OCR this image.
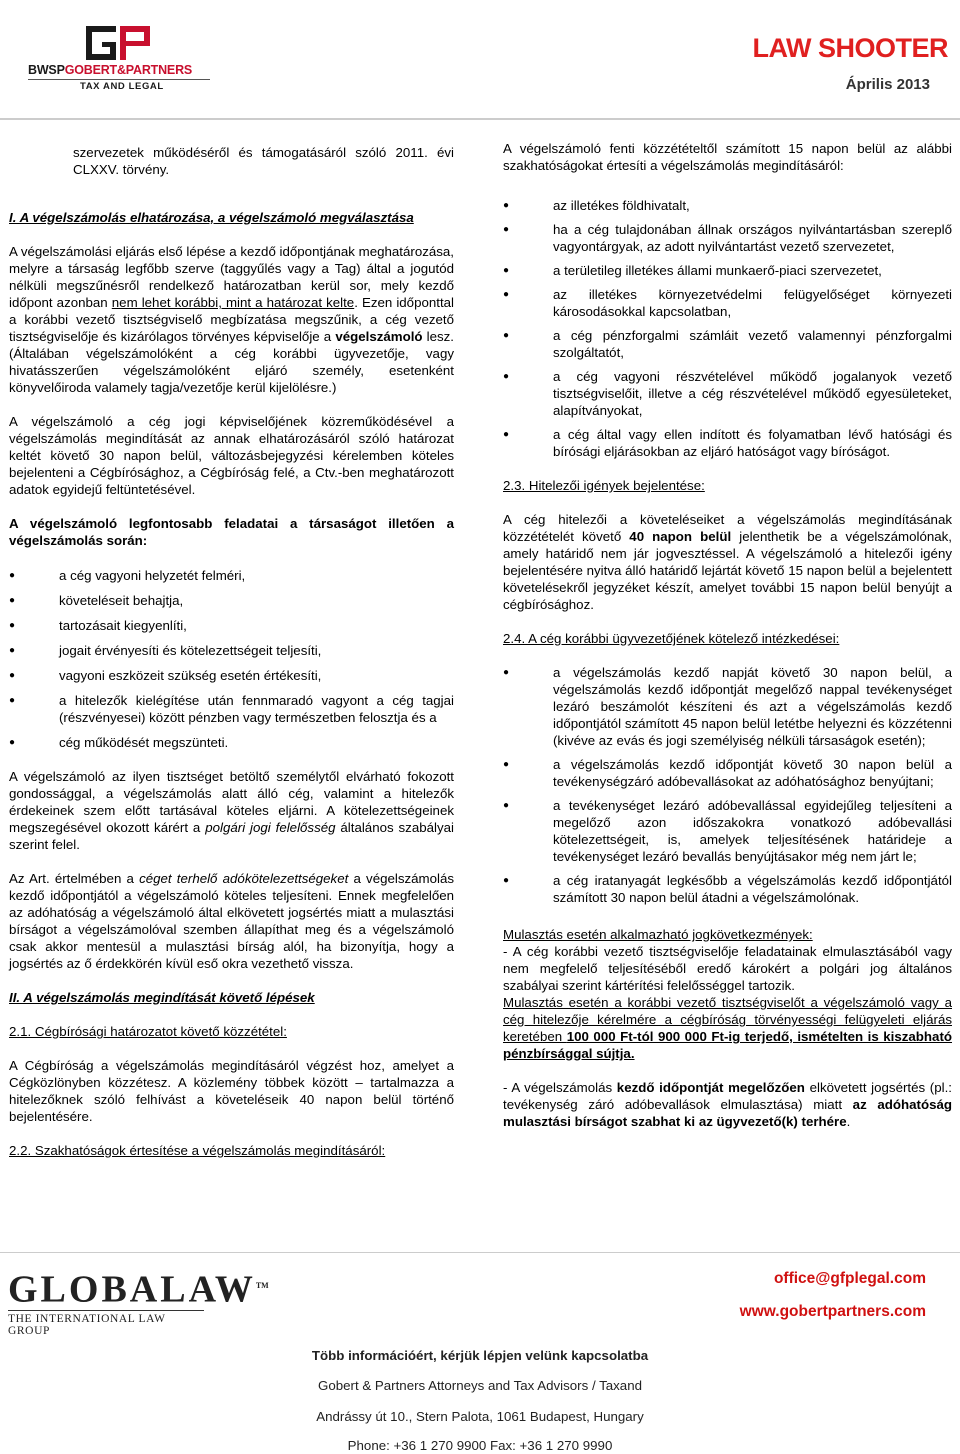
BWSPGOBERT&PARTNERS
TAX AND LEGAL
LAW SHOOTER
Április 2013

szervezetek működéséről és támogatásáról szóló 2011. évi CLXXV. törvény.

I. A végelszámolás elhatározása, a végelszámoló megválasztása

A végelszámolási eljárás első lépése a kezdő időpontjának meghatározása, melyre a társaság legfőbb szerve (taggyűlés vagy a Tag) által a jogutód nélküli megszűnésről rendelkező határozatban kerül sor, mely kezdő időpont azonban nem lehet korábbi, mint a határozat kelte. Ezen időponttal a korábbi vezető tisztségviselő megbízatása megszűnik, a cég vezető tisztségviselője és kizárólagos törvényes képviselője a végelszámoló lesz. (Általában végelszámolóként a cég korábbi ügyvezetője, vagy hivatásszerűen végelszámolóként eljáró személy, esetenként könyvelőiroda valamely tagja/vezetője kerül kijelölésre.)

A végelszámoló a cég jogi képviselőjének közreműködésével a végelszámolás megindítását az annak elhatározásáról szóló határozat keltét követő 30 napon belül, változásbejegyzési kérelemben köteles bejelenteni a Cégbírósághoz, a Cégbíróság felé, a Ctv.-ben meghatározott adatok egyidejű feltüntetésével.

A végelszámoló legfontosabb feladatai a társaságot illetően a végelszámolás során:

● a cég vagyoni helyzetét felméri,
● követeléseit behajtja,
● tartozásait kiegyenlíti,
● jogait érvényesíti és kötelezettségeit teljesíti,
● vagyoni eszközeit szükség esetén értékesíti,
● a hitelezők kielégítése után fennmaradó vagyont a cég tagjai (részvényesei) között pénzben vagy természetben felosztja és a
● cég működését megszünteti.

A végelszámoló az ilyen tisztséget betöltő személytől elvárható fokozott gondossággal, a végelszámolás alatt álló cég, valamint a hitelezők érdekeinek szem előtt tartásával köteles eljárni. A kötelezettségeinek megszegésével okozott kárért a polgári jogi felelősség általános szabályai szerint felel.

Az Art. értelmében a céget terhelő adókötelezettségeket a végelszámolás kezdő időpontjától a végelszámoló köteles teljesíteni. Ennek megfelelően az adóhatóság a végelszámoló által elkövetett jogsértés miatt a mulasztási bírságot a végelszámolóval szemben állapíthat meg és a végelszámoló csak akkor mentesül a mulasztási bírság alól, ha bizonyítja, hogy a jogsértés az ő érdekkörén kívül eső okra vezethető vissza.

II. A végelszámolás megindítását követő lépések

2.1. Cégbírósági határozatot követő közzététel:

A Cégbíróság a végelszámolás megindításáról végzést hoz, amelyet a Cégközlönyben közzétesz. A közlemény többek között – tartalmazza a hitelezőknek szóló felhívást a követeléseik 40 napon belül történő bejelentésére.

2.2. Szakhatóságok értesítése a végelszámolás megindításáról:

A végelszámoló fenti közzétételtől számított 15 napon belül az alábbi szakhatóságokat értesíti a végelszámolás megindításáról:

● az illetékes földhivatalt,
● ha a cég tulajdonában állnak országos nyilvántartásban szereplő vagyontárgyak, az adott nyilvántartást vezető szervezetet,
● a területileg illetékes állami munkaerő-piaci szervezetet,
● az illetékes környezetvédelmi felügyelőséget környezeti károsodásokkal kapcsolatban,
● a cég pénzforgalmi számláit vezető valamennyi pénzforgalmi szolgáltatót,
● a cég vagyoni részvételével működő jogalanyok vezető tisztségviselőit, illetve a cég részvételével működő egyesületeket, alapítványokat,
● a cég által vagy ellen indított és folyamatban lévő hatósági és bírósági eljárásokban az eljáró hatóságot vagy bíróságot.

2.3. Hitelezői igények bejelentése:

A cég hitelezői a követeléseiket a végelszámolás megindításának közzétételét követő 40 napon belül jelenthetik be a végelszámolónak, amely határidő nem jár jogvesztéssel. A végelszámoló a hitelezői igény bejelentésére nyitva álló határidő lejártát követő 15 napon belül a bejelentett követelésekről jegyzéket készít, amelyet további 15 napon belül benyújt a cégbírósághoz.

2.4. A cég korábbi ügyvezetőjének kötelező intézkedései:

● a végelszámolás kezdő napját követő 30 napon belül, a végelszámolás kezdő időpontját megelőző nappal tevékenységet lezáró beszámolót készíteni és azt a végelszámolás kezdő időpontjától számított 45 napon belül letétbe helyezni és közzétenni (kivéve az evás és jogi személyiség nélküli társaságok esetén);
● a végelszámolás kezdő időpontját követő 30 napon belül a tevékenységzáró adóbevallásokat az adóhatósághoz benyújtani;
● a tevékenységet lezáró adóbevallással egyidejűleg teljesíteni a megelőző azon időszakokra vonatkozó adóbevallási kötelezettségeit, is, amelyek teljesítésének határideje a tevékenységet lezáró bevallás benyújtásakor még nem járt le;
● a cég iratanyagát legkésőbb a végelszámolás kezdő időpontjától számított 30 napon belül átadni a végelszámolónak.

Mulasztás esetén alkalmazható jogkövetkezmények:

- A cég korábbi vezető tisztségviselője feladatainak elmulasztásából vagy nem megfelelő teljesítéséből eredő károkért a polgári jog általános szabályai szerint kártérítési felelősséggel tartozik.

Mulasztás esetén a korábbi vezető tisztségviselőt a végelszámoló vagy a cég hitelezője kérelmére a cégbíróság törvényességi felügyeleti eljárás keretében 100 000 Ft-tól 900 000 Ft-ig terjedő, ismételten is kiszabható pénzbírsággal sújtja.

- A végelszámolás kezdő időpontját megelőzően elkövetett jogsértés (pl.: tevékenység záró adóbevallások elmulasztása) miatt az adóhatóság mulasztási bírságot szabhat ki az ügyvezető(k) terhére.

GLOBALAW™
THE INTERNATIONAL LAW GROUP
office@gfplegal.com
www.gobertpartners.com
Több információért, kérjük lépjen velünk kapcsolatba
Gobert & Partners Attorneys and Tax Advisors / Taxand
Andrássy út 10., Stern Palota, 1061 Budapest, Hungary
Phone: +36 1 270 9900 Fax: +36 1 270 9990
